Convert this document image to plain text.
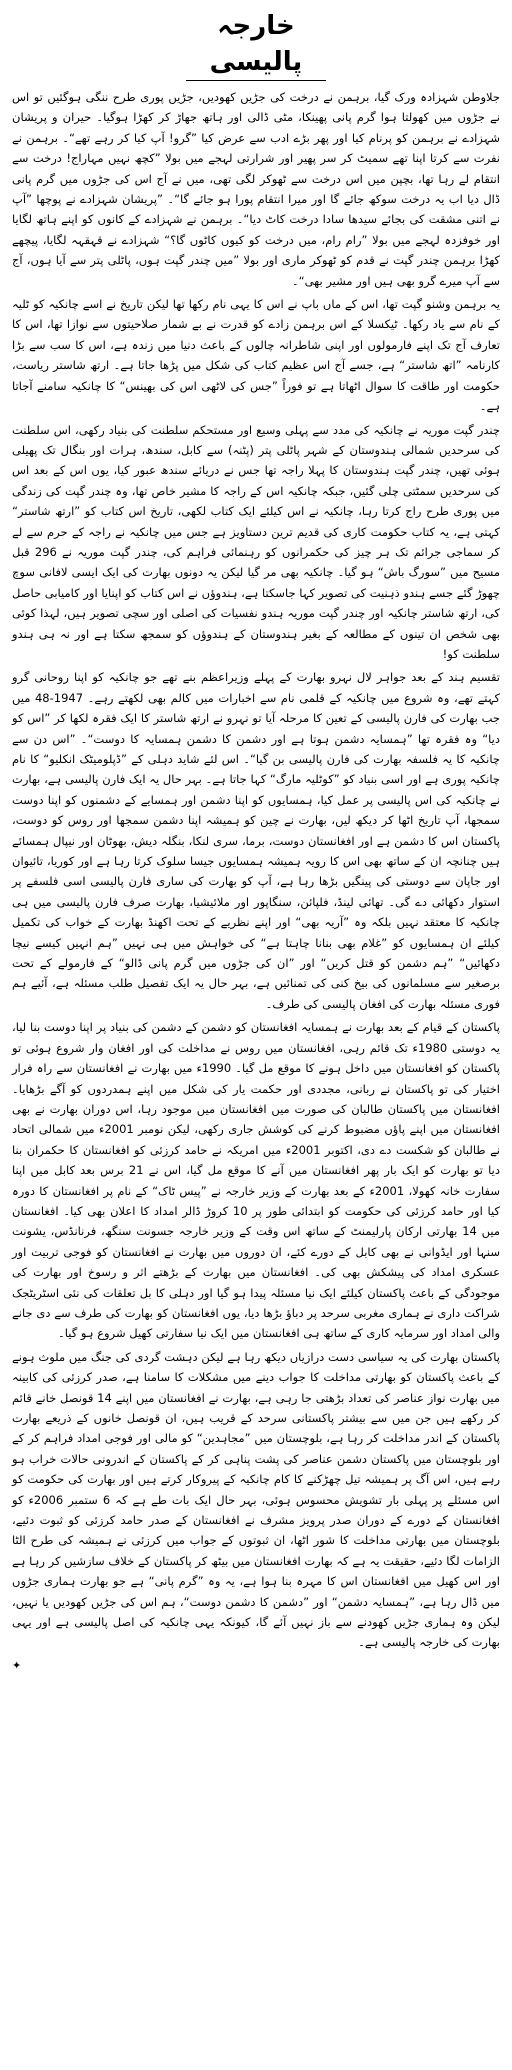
خارجہ پالیسی

جلاوطن شہزادہ ورک گیا، برہمن نے درخت کی جڑیں کھودیں، جڑیں پوری طرح ننگی ہوگئیں تو اس نے جڑوں میں کھولتا ہوا گرم پانی پھینکا، مٹی ڈالی اور ہاتھ جھاڑ کر کھڑا ہوگیا۔ حیران و پریشان شہزادے نے برہمن کو پرنام کیا اور پھر بڑے ادب سے عرض کیا ”گرو! آپ کیا کر رہے تھے“۔ برہمن نے نفرت سے کرتا اپنا تھے سمیٹ کر سر پھیر اور شرارتی لہجے میں بولا ”کچھ نہیں مہاراج! درخت سے انتقام لے رہا تھا، بچپن میں اس درخت سے ٹھوکر لگی تھی، میں نے آج اس کی جڑوں میں گرم پانی ڈال دیا اب یہ درخت سوکھ جائے گا اور میرا انتقام پورا ہو جائے گا“۔ ”پریشان شہزادے نے پوچھا ”آپ نے اتنی مشقت کی بجائے سیدھا سادا درخت کاٹ دیا“۔ برہمن نے شہزادے کے کانوں کو اپنے ہاتھ لگایا اور خوفزدہ لہجے میں بولا ”رام رام، میں درخت کو کیوں کاٹوں گا؟“ شہزادے نے قہقہہ لگایا، پیچھے کھڑا برہمن چندر گپت نے قدم کو ٹھوکر ماری اور بولا ”میں چندر گپت ہوں، پاٹلی پتر سے آیا ہوں، آج سے آپ میرے گرو بھی ہیں اور مشیر بھی“۔

یہ برہمن وشنو گپت تھا، اس کے ماں باپ نے اس کا یہی نام رکھا تھا لیکن تاریخ نے اسے چانکیہ کو ٹلیہ کے نام سے یاد رکھا۔ ٹیکسلا کے اس برہمن زادے کو قدرت نے بے شمار صلاحیتوں سے نوازا تھا، اس کا تعارف آج تک اپنے فارمولوں اور اپنی شاطرانہ چالوں کے باعث دنیا میں زندہ ہے، اس کا سب سے بڑا کارنامہ ”اتھ شاستر“ ہے، جسے آج اس عظیم کتاب کی شکل میں پڑھا جاتا ہے۔ ارتھ شاستر ریاست، حکومت اور طاقت کا سوال اٹھاتا ہے تو فوراً ”جس کی لاٹھی اس کی بھینس“ کا چانکیہ سامنے آجاتا ہے۔

چندر گپت موریہ نے چانکیہ کی مدد سے پہلی وسیع اور مستحکم سلطنت کی بنیاد رکھی، اس سلطنت کی سرحدیں شمالی ہندوستان کے شہر پاٹلی پتر (پٹنہ) سے کابل، سندھ، ہرات اور بنگال تک پھیلی ہوئی تھیں، چندر گپت ہندوستان کا پہلا راجہ تھا جس نے دریائے سندھ عبور کیا، یوں اس کے بعد اس کی سرحدیں سمٹتی چلی گئیں، جبکہ چانکیہ اس کے راجہ کا مشیر خاص تھا، وہ چندر گپت کی زندگی میں پوری طرح راج کرتا رہا، چانکیہ نے اس کیلئے ایک کتاب لکھی، تاریخ اس کتاب کو ”ارتھ شاستر“ کہتی ہے، یہ کتاب حکومت کاری کی قدیم ترین دستاویز ہے جس میں چانکیہ نے راجہ کے حرم سے لے کر سماجی جرائم تک ہر چیز کی حکمرانوں کو رہنمائی فراہم کی، چندر گپت موریہ نے 296 قبل مسیح میں ”سورگ باش“ ہو گیا۔ چانکیہ بھی مر گیا لیکن یہ دونوں بھارت کی ایک ایسی لافانی سوچ چھوڑ گئے جسے ہندو ذہنیت کی تصویر کہا جاسکتا ہے، ہندوؤں نے اس کتاب کو اپنایا اور کامیابی حاصل کی، ارتھ شاستر چانکیہ اور چندر گپت موریہ ہندو نفسیات کی اصلی اور سچی تصویر ہیں، لہذا کوئی بھی شخص ان تینوں کے مطالعہ کے بغیر ہندوستان کے ہندوؤں کو سمجھ سکتا ہے اور نہ ہی ہندو سلطنت کو!

تقسیم ہند کے بعد جواہر لال نہرو بھارت کے پہلے وزیراعظم بنے تھے جو چانکیہ کو اپنا روحانی گرو کہتے تھے، وہ شروع میں چانکیہ کے قلمی نام سے اخبارات میں کالم بھی لکھتے رہے۔ 1947-48 میں جب بھارت کی فارن پالیسی کے تعین کا مرحلہ آیا تو نہرو نے ارتھ شاستر کا ایک فقرہ لکھا کر ”اس کو دیا“ وہ فقرہ تھا ”ہمسایہ دشمن ہوتا ہے اور دشمن کا دشمن ہمسایہ کا دوست“۔ ”اس دن سے چانکیہ کا یہ فلسفہ بھارت کی فارن پالیسی بن گیا“۔ اس لئے شاید دہلی کے ”ڈپلومیٹک انکلیو“ کا نام چانکیہ پوری ہے اور اسی بنیاد کو ”کوٹلیہ مارگ“ کہا جاتا ہے۔ بہر حال یہ ایک فارن پالیسی ہے، بھارت نے چانکیہ کی اس پالیسی پر عمل کیا، ہمسایوں کو اپنا دشمن اور ہمسایے کے دشمنوں کو اپنا دوست سمجھا، آپ تاریخ اٹھا کر دیکھ لیں، بھارت نے چین کو ہمیشہ اپنا دشمن سمجھا اور روس کو دوست، پاکستان اس کا دشمن ہے اور افغانستان دوست، برما، سری لنکا، بنگلہ دیش، بھوٹان اور نیپال ہمسائے ہیں چنانچہ ان کے ساتھ بھی اس کا رویہ ہمیشہ ہمسایوں جیسا سلوک کرتا رہا ہے اور کوریا، تائیوان اور جاپان سے دوستی کی پینگیں بڑھا رہا ہے، آپ کو بھارت کی ساری فارن پالیسی اسی فلسفے پر استوار دکھائی دے گی۔ تھائی لینڈ، فلپائن، سنگاپور اور ملائیشیا، بھارت صرف فارن پالیسی میں ہی چانکیہ کا معتقد نہیں بلکہ وہ ”آریہ بھی“ اور اپنے نظریے کے تحت اکھنڈ بھارت کے خواب کی تکمیل کیلئے ان ہمسایوں کو ”غلام بھی بنانا چاہتا ہے“ کی خواہش میں ہی نہیں ”ہم انہیں کیسے نیچا دکھائیں“ ”ہم دشمن کو قتل کریں“ اور ”ان کی جڑوں میں گرم پانی ڈالو“ کے فارمولے کے تحت برصغیر سے مسلمانوں کی بیخ کنی کی تمنائیں ہے، بہر حال یہ ایک تفصیل طلب مسئلہ ہے، آئیے ہم فوری مسئلہ بھارت کی افغان پالیسی کی طرف۔

پاکستان کے قیام کے بعد بھارت نے ہمسایہ افغانستان کو دشمن کے دشمن کی بنیاد پر اپنا دوست بنا لیا، یہ دوستی 1980ء تک قائم رہی، افغانستان میں روس نے مداخلت کی اور افغان وار شروع ہوئی تو پاکستان کو افغانستان میں داخل ہونے کا موقع مل گیا۔ 1990ء میں بھارت نے افغانستان سے راہ فرار اختیار کی تو پاکستان نے ربانی، مجددی اور حکمت یار کی شکل میں اپنے ہمدردوں کو آگے بڑھایا۔ افغانستان میں پاکستان طالبان کی صورت میں افغانستان میں موجود رہا، اس دوران بھارت نے بھی افغانستان میں اپنے پاؤں مضبوط کرنے کی کوشش جاری رکھی، لیکن نومبر 2001ء میں شمالی اتحاد نے طالبان کو شکست دے دی، اکتوبر 2001ء میں امریکہ نے حامد کرزئی کو افغانستان کا حکمران بنا دیا تو بھارت کو ایک بار پھر افغانستان میں آنے کا موقع مل گیا، اس نے 21 برس بعد کابل میں اپنا سفارت خانہ کھولا، 2001ء کے بعد بھارت کے وزیر خارجہ نے ”پیس ٹاک“ کے نام پر افغانستان کا دورہ کیا اور حامد کرزئی کی حکومت کو ابتدائی طور پر 10 کروڑ ڈالر امداد کا اعلان بھی کیا۔ افغانستان میں 14 بھارتی ارکان پارلیمنٹ کے ساتھ اس وقت کے وزیر خارجہ جسونت سنگھ، فرنانڈس، یشونت سنہا اور ایڈوانی نے بھی کابل کے دورے کئے، ان دوروں میں بھارت نے افغانستان کو فوجی تربیت اور عسکری امداد کی پیشکش بھی کی۔ افغانستان میں بھارت کے بڑھتے اثر و رسوخ اور بھارت کی موجودگی کے باعث پاکستان کیلئے ایک نیا مسئلہ پیدا ہو گیا اور دہلی کا بل تعلقات کی نئی اسٹریٹجک شراکت داری نے ہماری مغربی سرحد پر دباؤ بڑھا دیا، یوں افغانستان کو بھارت کی طرف سے دی جانے والی امداد اور سرمایہ کاری کے ساتھ ہی افغانستان میں ایک نیا سفارتی کھیل شروع ہو گیا۔

پاکستان بھارت کی یہ سیاسی دست درازیاں دیکھ رہا ہے لیکن دہشت گردی کی جنگ میں ملوث ہونے کے باعث پاکستان کو بھارتی مداخلت کا جواب دینے میں مشکلات کا سامنا ہے، صدر کرزئی کی کابینہ میں بھارت نواز عناصر کی تعداد بڑھتی جا رہی ہے، بھارت نے افغانستان میں اپنے 14 قونصل خانے قائم کر رکھے ہیں جن میں سے بیشتر پاکستانی سرحد کے قریب ہیں، ان قونصل خانوں کے ذریعے بھارت پاکستان کے اندر مداخلت کر رہا ہے، بلوچستان میں ”مجاہدین“ کو مالی اور فوجی امداد فراہم کر کے اور بلوچستان میں پاکستان دشمن عناصر کی پشت پناہی کر کے پاکستان کے اندرونی حالات خراب ہو رہے ہیں، اس آگ پر ہمیشہ تیل چھڑکنے کا کام چانکیہ کے پیروکار کرتے ہیں اور بھارت کی حکومت کو اس مسئلے پر پہلی بار تشویش محسوس ہوئی، بہر حال ایک بات طے ہے کہ 6 ستمبر 2006ء کو افغانستان کے دورے کے دوران صدر پرویز مشرف نے افغانستان کے صدر حامد کرزئی کو ثبوت دئیے، بلوچستان میں بھارتی مداخلت کا شور اٹھا، ان ثبوتوں کے جواب میں کرزئی نے ہمیشہ کی طرح الٹا الزامات لگا دئیے، حقیقت یہ ہے کہ بھارت افغانستان میں بیٹھ کر پاکستان کے خلاف سازشیں کر رہا ہے اور اس کھیل میں افغانستان اس کا مہرہ بنا ہوا ہے، یہ وہ ”گرم پانی“ ہے جو بھارت ہماری جڑوں میں ڈال رہا ہے، ”ہمسایہ دشمن“ اور ”دشمن کا دشمن دوست“، ہم اس کی جڑیں کھودیں یا نہیں، لیکن وہ ہماری جڑیں کھودنے سے باز نہیں آئے گا، کیونکہ یہی چانکیہ کی اصل پالیسی ہے اور یہی بھارت کی خارجہ پالیسی ہے۔

✦
